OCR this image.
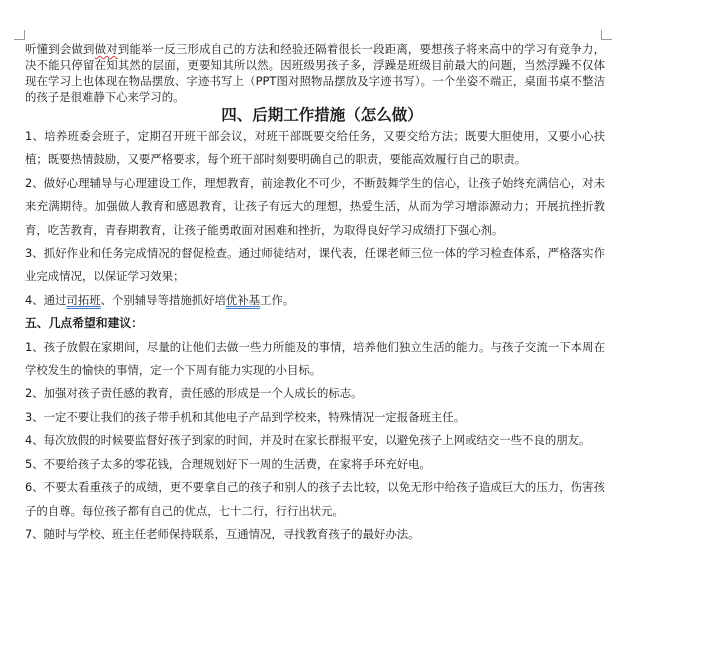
听懂到会做到做对到能举一反三形成自己的方法和经验还隔着很长一段距离，要想孩子将来高中的学习有竞争力，决不能只停留在知其然的层面，更要知其所以然。因班级男孩子多，浮躁是班级目前最大的问题，当然浮躁不仅体现在学习上也体现在物品摆放、字迹书写上（PPT图对照物品摆放及字迹书写）。一个坐姿不端正，桌面书桌不整洁的孩子是很难静下心来学习的。

四、后期工作措施（怎么做）

1、培养班委会班子，定期召开班干部会议，对班干部既要交给任务，又要交给方法；既要大胆使用，又要小心扶植；既要热情鼓励，又要严格要求，每个班干部时刻要明确自己的职责，要能高效履行自己的职责。

2、做好心理辅导与心理建设工作，理想教育，前途教化不可少，不断鼓舞学生的信心，让孩子始终充满信心，对未来充满期待。加强做人教育和感恩教育，让孩子有远大的理想，热爱生活，从而为学习增添源动力；开展抗挫折教育，吃苦教育，青春期教育，让孩子能勇敢面对困难和挫折，为取得良好学习成绩打下强心剂。

3、抓好作业和任务完成情况的督促检查。通过师徒结对，课代表，任课老师三位一体的学习检查体系，严格落实作业完成情况，以保证学习效果；

4、通过司拓班、个别辅导等措施抓好培优补基工作。

五、几点希望和建议：

1、孩子放假在家期间，尽量的让他们去做一些力所能及的事情，培养他们独立生活的能力。与孩子交流一下本周在学校发生的愉快的事情，定一个下周有能力实现的小目标。

2、加强对孩子责任感的教育，责任感的形成是一个人成长的标志。

3、一定不要让我们的孩子带手机和其他电子产品到学校来，特殊情况一定报备班主任。

4、每次放假的时候要监督好孩子到家的时间，并及时在家长群报平安，以避免孩子上网或结交一些不良的朋友。

5、不要给孩子太多的零花钱，合理规划好下一周的生活费，在家将手环充好电。

6、不要太看重孩子的成绩，更不要拿自己的孩子和别人的孩子去比较，以免无形中给孩子造成巨大的压力，伤害孩子的自尊。每位孩子都有自己的优点，七十二行，行行出状元。

7、随时与学校、班主任老师保持联系，互通情况，寻找教育孩子的最好办法。
